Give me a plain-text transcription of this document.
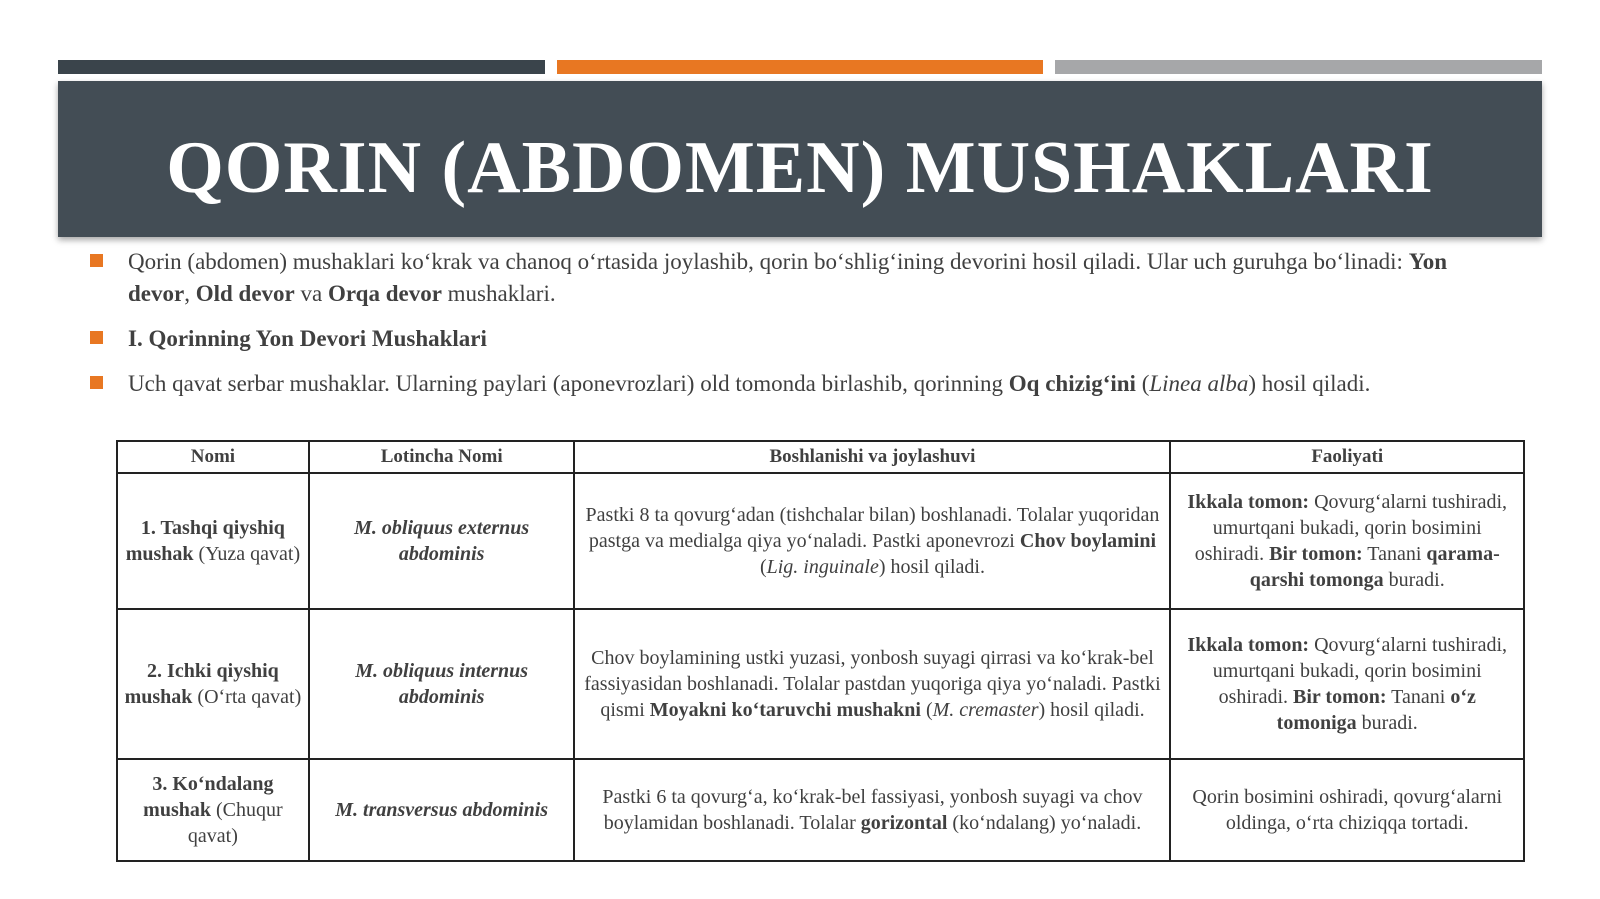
QORIN (ABDOMEN) MUSHAKLARI
Qorin (abdomen) mushaklari ko‘krak va chanoq o‘rtasida joylashib, qorin bo‘shlig‘ining devorini hosil qiladi. Ular uch guruhga bo‘linadi: Yon devor, Old devor va Orqa devor mushaklari.
I. Qorinning Yon Devori Mushaklari
Uch qavat serbar mushaklar. Ularning paylari (aponevrozlari) old tomonda birlashib, qorinning Oq chizig‘ini (Linea alba) hosil qiladi.
Nomi	Lotincha Nomi	Boshlanishi va joylashuvi	Faoliyati
1. Tashqi qiyshiq mushak (Yuza qavat)	M. obliquus externus abdominis	Pastki 8 ta qovurg‘adan (tishchalar bilan) boshlanadi. Tolalar yuqoridan pastga va medialga qiya yo‘naladi. Pastki aponevrozi Chov boylamini (Lig. inguinale) hosil qiladi.	Ikkala tomon: Qovurg‘alarni tushiradi, umurtqani bukadi, qorin bosimini oshiradi. Bir tomon: Tanani qarama-qarshi tomonga buradi.
2. Ichki qiyshiq mushak (O‘rta qavat)	M. obliquus internus abdominis	Chov boylamining ustki yuzasi, yonbosh suyagi qirrasi va ko‘krak-bel fassiyasidan boshlanadi. Tolalar pastdan yuqoriga qiya yo‘naladi. Pastki qismi Moyakni ko‘taruvchi mushakni (M. cremaster) hosil qiladi.	Ikkala tomon: Qovurg‘alarni tushiradi, umurtqani bukadi, qorin bosimini oshiradi. Bir tomon: Tanani o‘z tomoniga buradi.
3. Ko‘ndalang mushak (Chuqur qavat)	M. transversus abdominis	Pastki 6 ta qovurg‘a, ko‘krak-bel fassiyasi, yonbosh suyagi va chov boylamidan boshlanadi. Tolalar gorizontal (ko‘ndalang) yo‘naladi.	Qorin bosimini oshiradi, qovurg‘alarni oldinga, o‘rta chiziqqa tortadi.
